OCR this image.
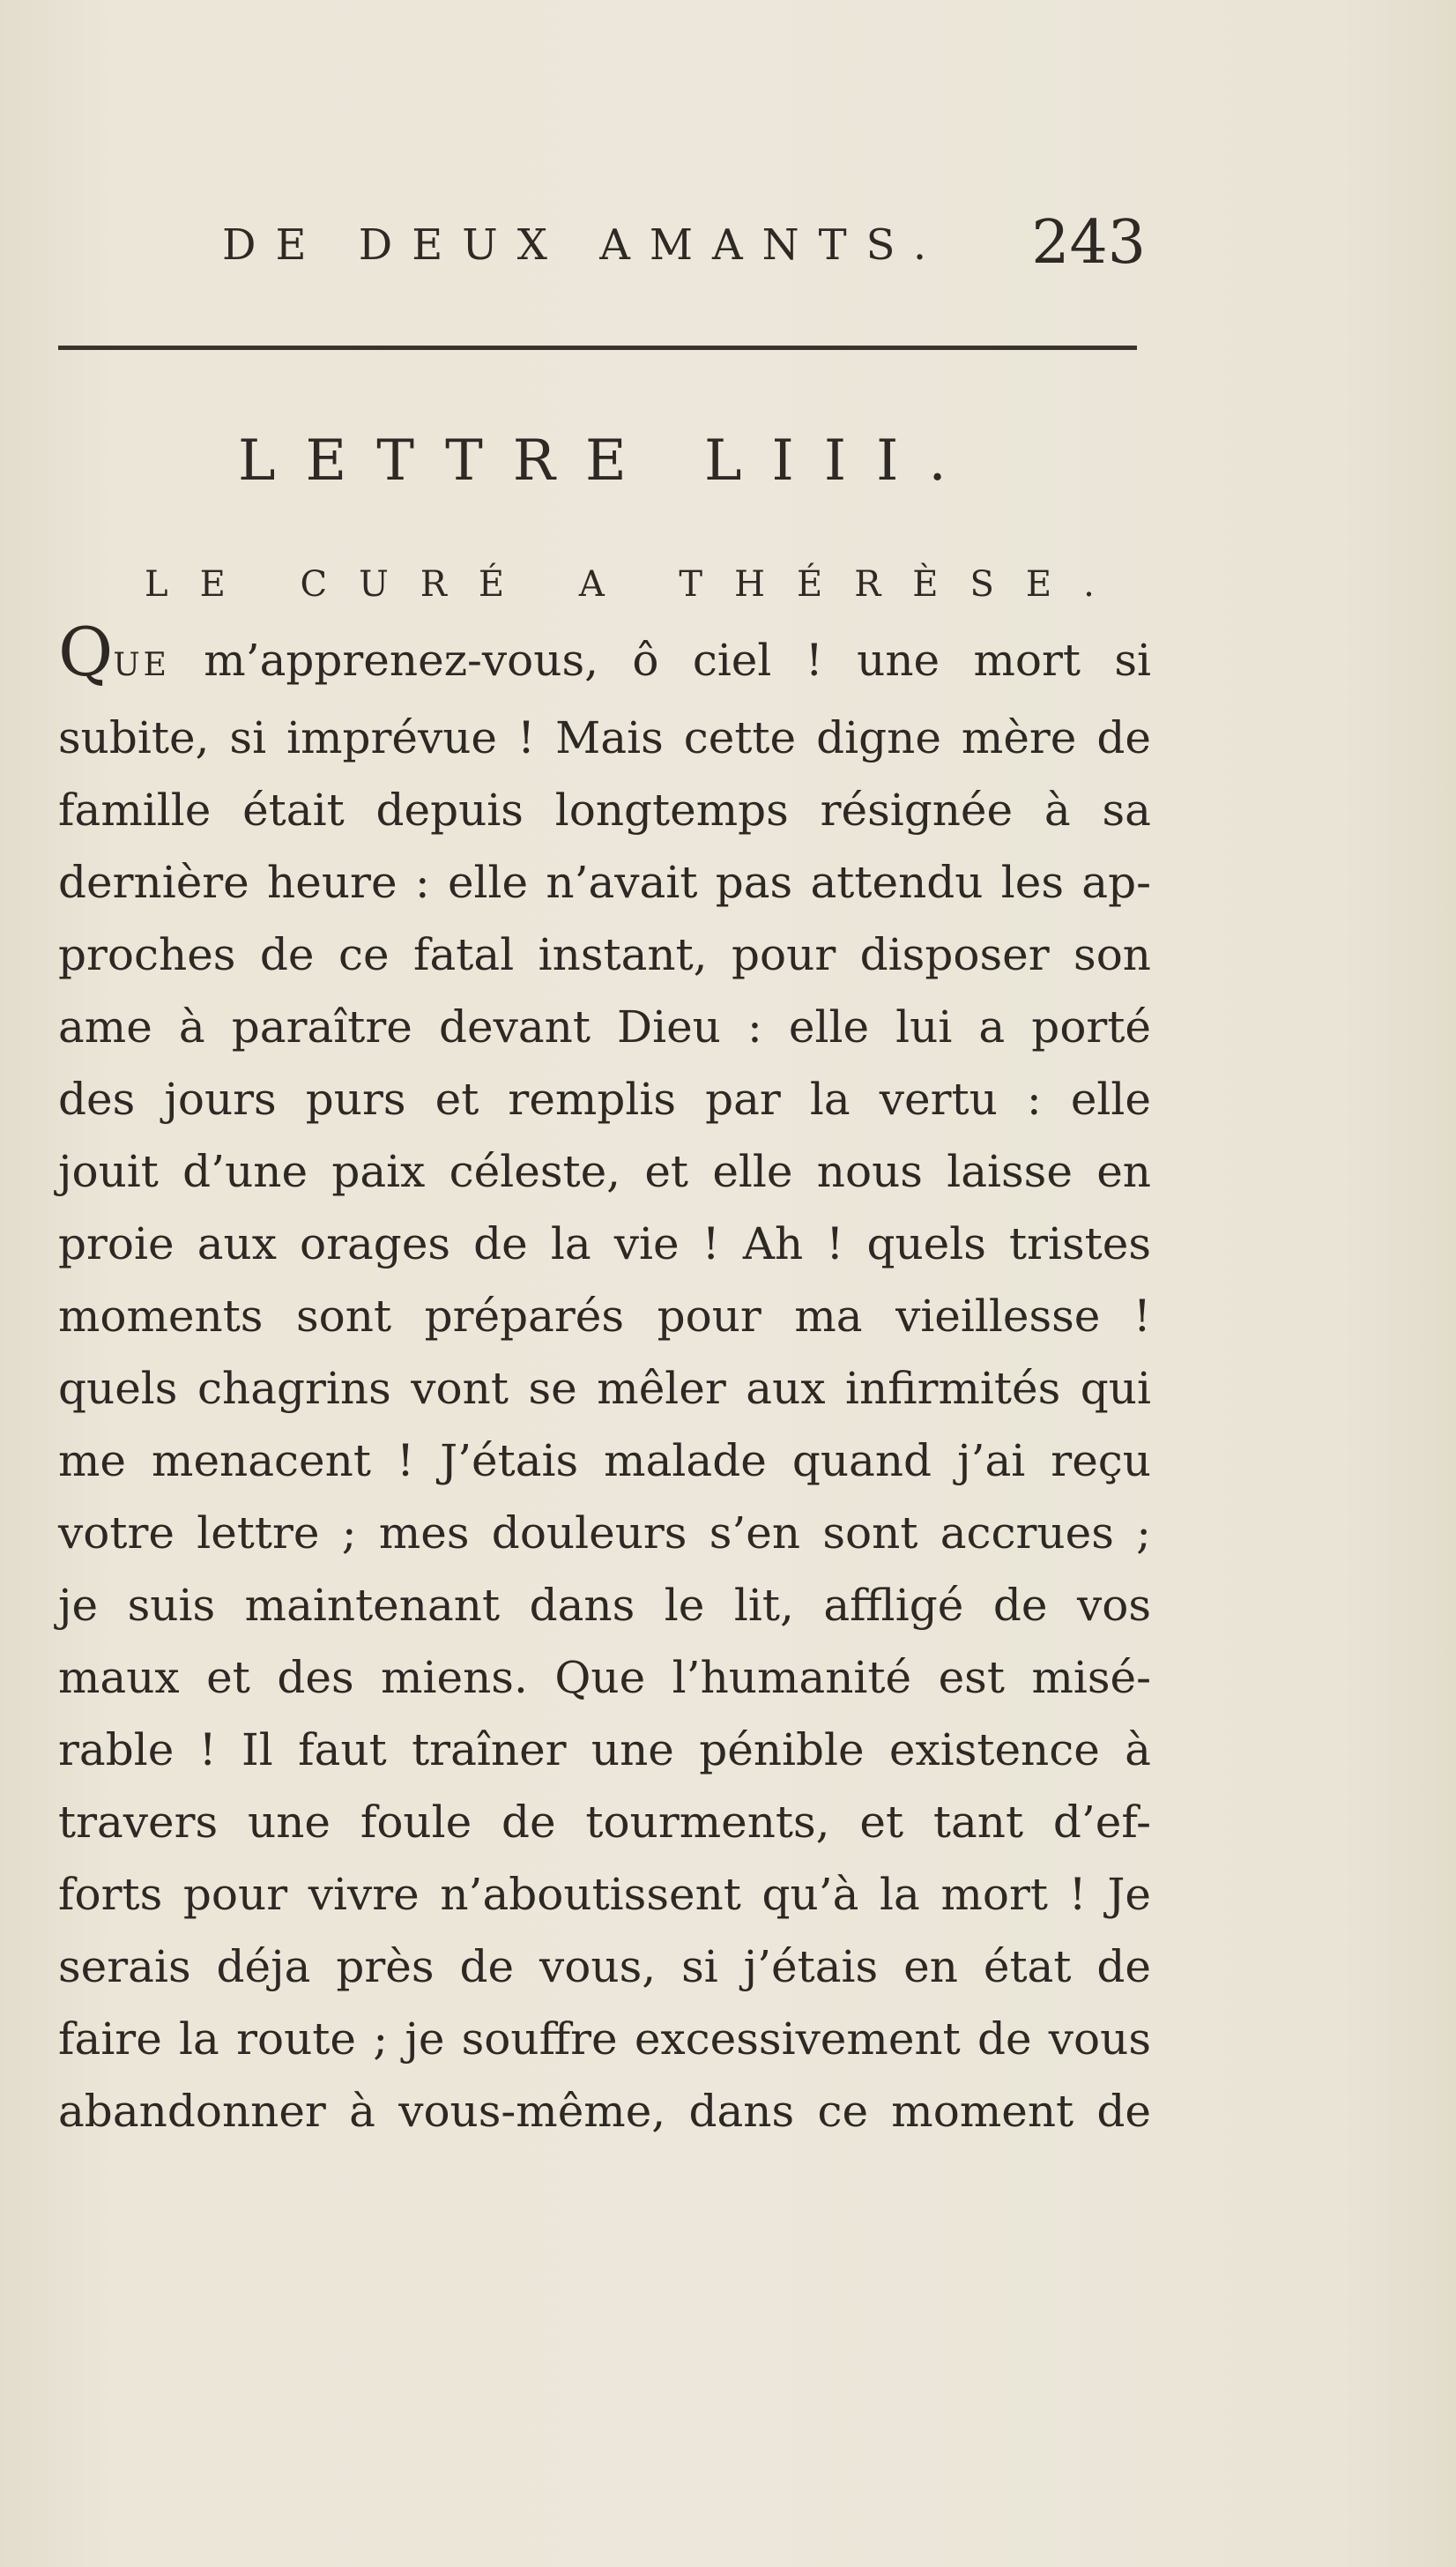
DE DEUX AMANTS. 243
LETTRE LIII.
LE CURÉ A THÉRÈSE.
QUE m’apprenez-vous, ô ciel ! une mort si
subite, si imprévue ! Mais cette digne mère de
famille était depuis longtemps résignée à sa
dernière heure : elle n’avait pas attendu les ap-
proches de ce fatal instant, pour disposer son
ame à paraître devant Dieu : elle lui a porté
des jours purs et remplis par la vertu : elle
jouit d’une paix céleste, et elle nous laisse en
proie aux orages de la vie ! Ah ! quels tristes
moments sont préparés pour ma vieillesse !
quels chagrins vont se mêler aux infirmités qui
me menacent ! J’étais malade quand j’ai reçu
votre lettre ; mes douleurs s’en sont accrues ;
je suis maintenant dans le lit, affligé de vos
maux et des miens. Que l’humanité est misé-
rable ! Il faut traîner une pénible existence à
travers une foule de tourments, et tant d’ef-
forts pour vivre n’aboutissent qu’à la mort ! Je
serais déja près de vous, si j’étais en état de
faire la route ; je souffre excessivement de vous
abandonner à vous-même, dans ce moment de
